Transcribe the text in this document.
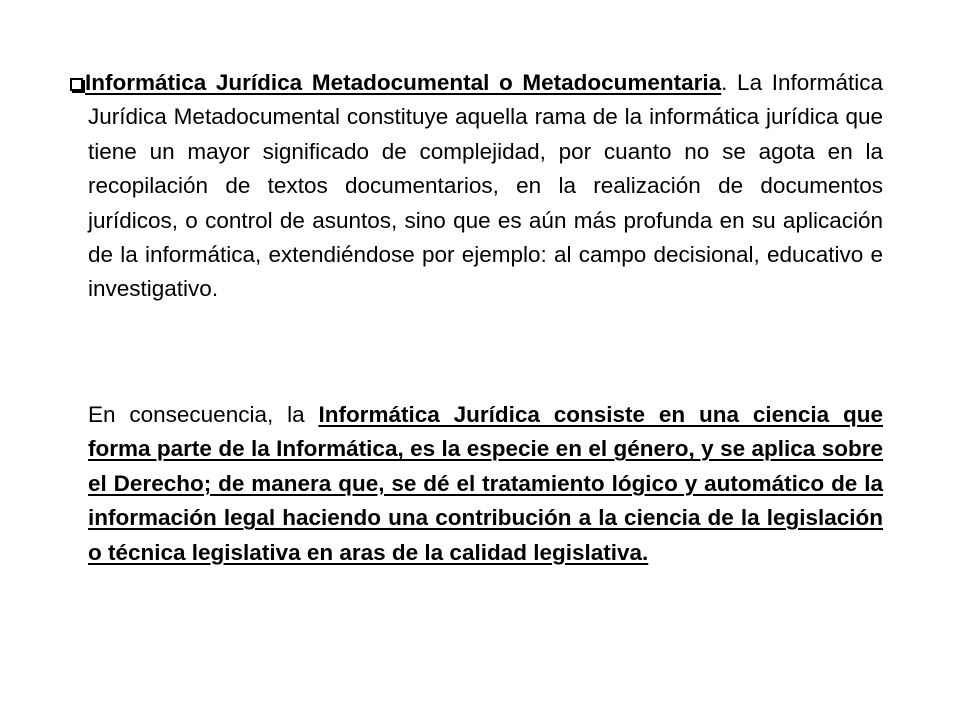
Informática Jurídica Metadocumental o Metadocumentaria. La Informática Jurídica Metadocumental constituye aquella rama de la informática jurídica que tiene un mayor significado de complejidad, por cuanto no se agota en la recopilación de textos documentarios, en la realización de documentos jurídicos, o control de asuntos, sino que es aún más profunda en su aplicación de la informática, extendiéndose por ejemplo: al campo decisional, educativo e investigativo.

En consecuencia, la Informática Jurídica consiste en una ciencia que forma parte de la Informática, es la especie en el género, y se aplica sobre el Derecho; de manera que, se dé el tratamiento lógico y automático de la información legal haciendo una contribución a la ciencia de la legislación o técnica legislativa en aras de la calidad legislativa.
